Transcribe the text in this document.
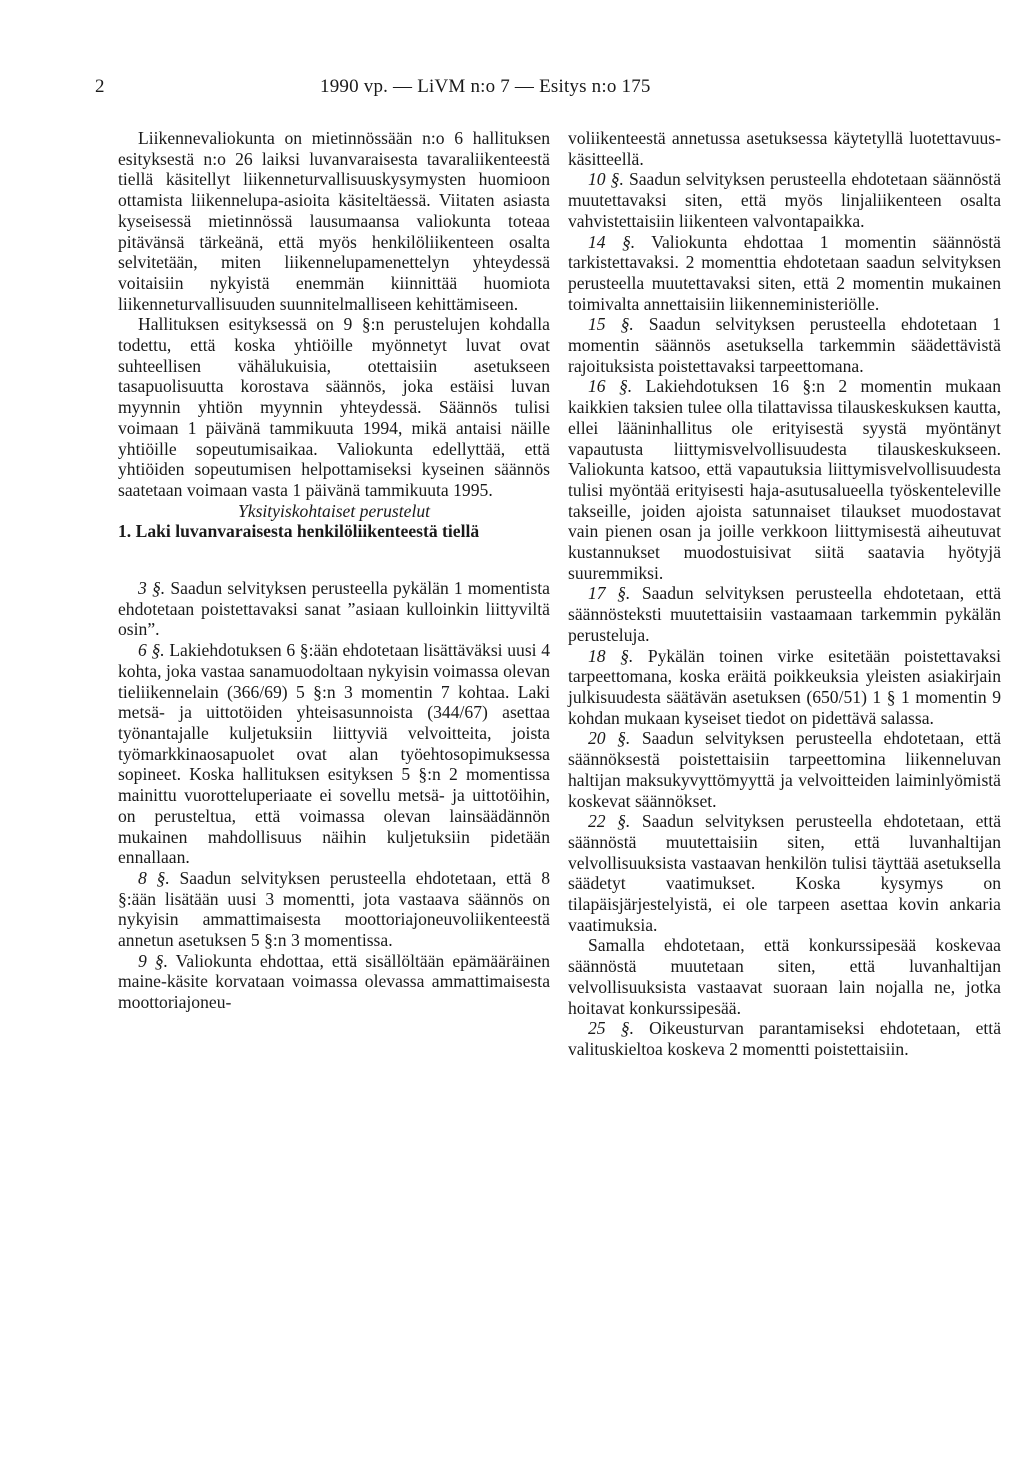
2	1990 vp. — LiVM n:o 7 — Esitys n:o 175

Liikennevaliokunta on mietinnössään n:o 6 hallituksen esityksestä n:o 26 laiksi luvanvaraisesta tavaraliikenteestä tiellä käsitellyt liikenneturvallisuuskysymysten huomioon ottamista liikennelupa-asioita käsiteltäessä. Viitaten asiasta kyseisessä mietinnössä lausumaansa valiokunta toteaa pitävänsä tärkeänä, että myös henkilöliikenteen osalta selvitetään, miten liikennelupamenettelyn yhteydessä voitaisiin nykyistä enemmän kiinnittää huomiota liikenneturvallisuuden suunnitelmalliseen kehittämiseen.

Hallituksen esityksessä on 9 §:n perustelujen kohdalla todettu, että koska yhtiöille myönnetyt luvat ovat suhteellisen vähälukuisia, otettaisiin asetukseen tasapuolisuutta korostava säännös, joka estäisi luvan myynnin yhtiön myynnin yhteydessä. Säännös tulisi voimaan 1 päivänä tammikuuta 1994, mikä antaisi näille yhtiöille sopeutumisaikaa. Valiokunta edellyttää, että yhtiöiden sopeutumisen helpottamiseksi kyseinen säännös saatetaan voimaan vasta 1 päivänä tammikuuta 1995.

Yksityiskohtaiset perustelut

1. Laki luvanvaraisesta henkilöliikenteestä tiellä

3 §. Saadun selvityksen perusteella pykälän 1 momentista ehdotetaan poistettavaksi sanat ”asiaan kulloinkin liittyviltä osin”.

6 §. Lakiehdotuksen 6 §:ään ehdotetaan lisättäväksi uusi 4 kohta, joka vastaa sanamuodoltaan nykyisin voimassa olevan tieliikennelain (366/69) 5 §:n 3 momentin 7 kohtaa. Laki metsä- ja uittotöiden yhteisasunnoista (344/67) asettaa työnantajalle kuljetuksiin liittyviä velvoitteita, joista työmarkkinaosapuolet ovat alan työehtosopimuksessa sopineet. Koska hallituksen esityksen 5 §:n 2 momentissa mainittu vuorotteluperiaate ei sovellu metsä- ja uittotöihin, on perusteltua, että voimassa olevan lainsäädännön mukainen mahdollisuus näihin kuljetuksiin pidetään ennallaan.

8 §. Saadun selvityksen perusteella ehdotetaan, että 8 §:ään lisätään uusi 3 momentti, jota vastaava säännös on nykyisin ammattimaisesta moottoriajoneuvoliikenteestä annetun asetuksen 5 §:n 3 momentissa.

9 §. Valiokunta ehdottaa, että sisällöltään epämääräinen maine-käsite korvataan voimassa olevassa ammattimaisesta moottoriajoneu-

voliikenteestä annetussa asetuksessa käytetyllä luotettavuus-käsitteellä.

10 §. Saadun selvityksen perusteella ehdotetaan säännöstä muutettavaksi siten, että myös linjaliikenteen osalta vahvistettaisiin liikenteen valvontapaikka.

14 §. Valiokunta ehdottaa 1 momentin säännöstä tarkistettavaksi. 2 momenttia ehdotetaan saadun selvityksen perusteella muutettavaksi siten, että 2 momentin mukainen toimivalta annettaisiin liikenneministeriölle.

15 §. Saadun selvityksen perusteella ehdotetaan 1 momentin säännös asetuksella tarkemmin säädettävistä rajoituksista poistettavaksi tarpeettomana.

16 §. Lakiehdotuksen 16 §:n 2 momentin mukaan kaikkien taksien tulee olla tilattavissa tilauskeskuksen kautta, ellei lääninhallitus ole erityisestä syystä myöntänyt vapautusta liittymisvelvollisuudesta tilauskeskukseen. Valiokunta katsoo, että vapautuksia liittymisvelvollisuudesta tulisi myöntää erityisesti haja-asutusalueella työskenteleville takseille, joiden ajoista satunnaiset tilaukset muodostavat vain pienen osan ja joille verkkoon liittymisestä aiheutuvat kustannukset muodostuisivat siitä saatavia hyötyjä suuremmiksi.

17 §. Saadun selvityksen perusteella ehdotetaan, että säännösteksti muutettaisiin vastaamaan tarkemmin pykälän perusteluja.

18 §. Pykälän toinen virke esitetään poistettavaksi tarpeettomana, koska eräitä poikkeuksia yleisten asiakirjain julkisuudesta säätävän asetuksen (650/51) 1 § 1 momentin 9 kohdan mukaan kyseiset tiedot on pidettävä salassa.

20 §. Saadun selvityksen perusteella ehdotetaan, että säännöksestä poistettaisiin tarpeettomina liikenneluvan haltijan maksukyvyttömyyttä ja velvoitteiden laiminlyömistä koskevat säännökset.

22 §. Saadun selvityksen perusteella ehdotetaan, että säännöstä muutettaisiin siten, että luvanhaltijan velvollisuuksista vastaavan henkilön tulisi täyttää asetuksella säädetyt vaatimukset. Koska kysymys on tilapäisjärjestelyistä, ei ole tarpeen asettaa kovin ankaria vaatimuksia.

Samalla ehdotetaan, että konkurssipesää koskevaa säännöstä muutetaan siten, että luvanhaltijan velvollisuuksista vastaavat suoraan lain nojalla ne, jotka hoitavat konkurssipesää.

25 §. Oikeusturvan parantamiseksi ehdotetaan, että valituskieltoa koskeva 2 momentti poistettaisiin.
